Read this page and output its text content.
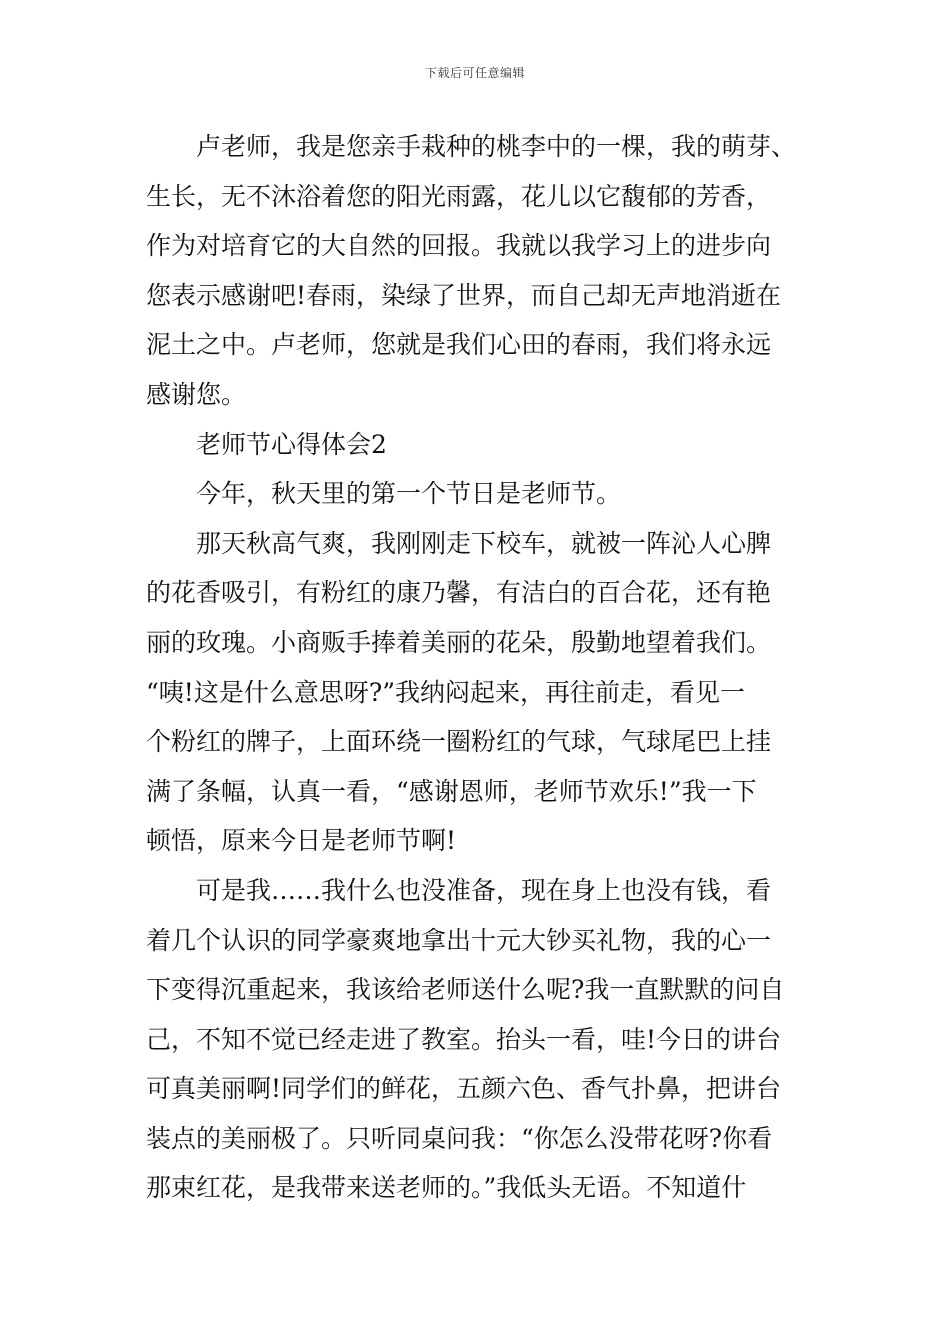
下载后可任意编辑
卢老师，我是您亲手栽种的桃李中的一棵，我的萌芽、
生长，无不沐浴着您的阳光雨露，花儿以它馥郁的芳香，
作为对培育它的大自然的回报。我就以我学习上的进步向
您表示感谢吧!春雨，染绿了世界，而自己却无声地消逝在
泥土之中。卢老师，您就是我们心田的春雨，我们将永远
感谢您。
老师节心得体会2
今年，秋天里的第一个节日是老师节。
那天秋高气爽，我刚刚走下校车，就被一阵沁人心脾
的花香吸引，有粉红的康乃馨，有洁白的百合花，还有艳
丽的玫瑰。小商贩手捧着美丽的花朵，殷勤地望着我们。
“咦!这是什么意思呀?”我纳闷起来，再往前走，看见一
个粉红的牌子，上面环绕一圈粉红的气球，气球尾巴上挂
满了条幅，认真一看，“感谢恩师，老师节欢乐!”我一下
顿悟，原来今日是老师节啊!
可是我……我什么也没准备，现在身上也没有钱，看
着几个认识的同学豪爽地拿出十元大钞买礼物，我的心一
下变得沉重起来，我该给老师送什么呢?我一直默默的问自
己，不知不觉已经走进了教室。抬头一看，哇!今日的讲台
可真美丽啊!同学们的鲜花，五颜六色、香气扑鼻，把讲台
装点的美丽极了。只听同桌问我：“你怎么没带花呀?你看
那束红花，是我带来送老师的。”我低头无语。不知道什
